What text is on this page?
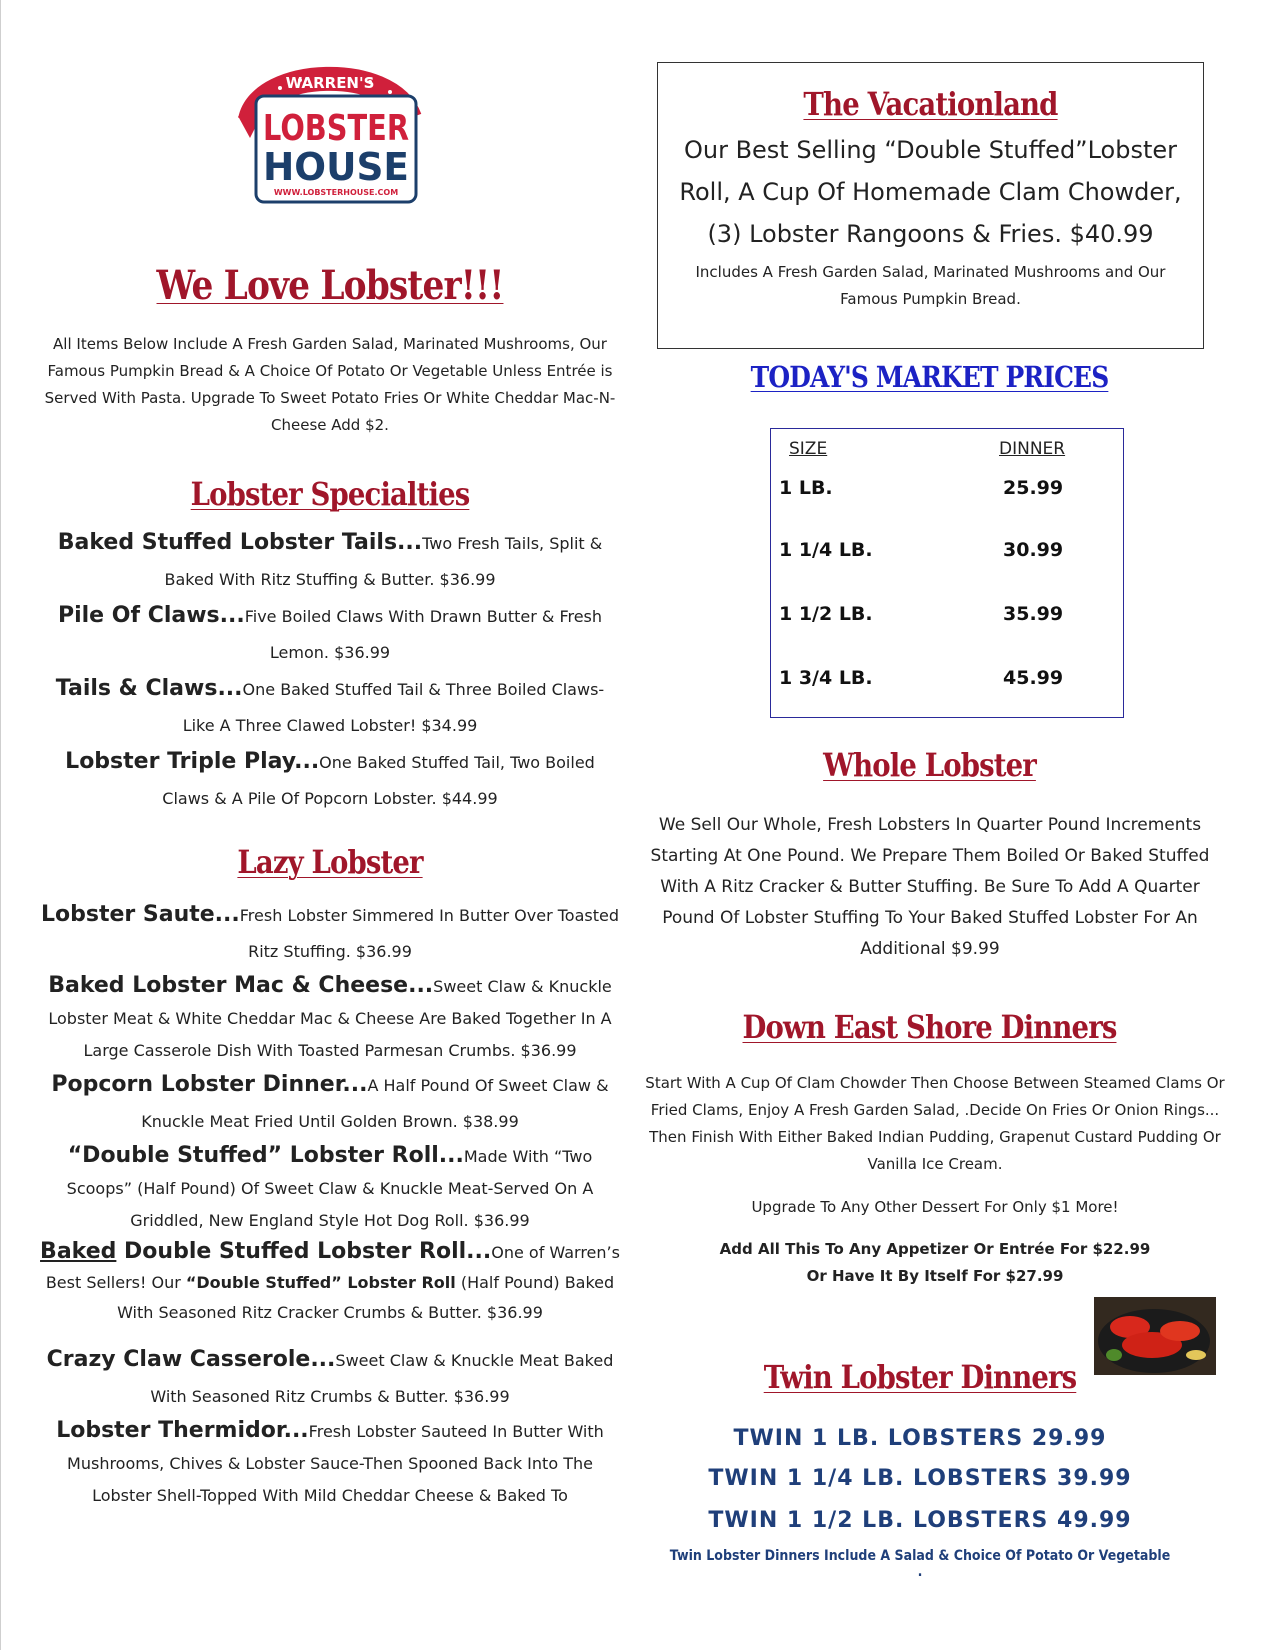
WARREN'S
LOBSTER
HOUSE
WWW.LOBSTERHOUSE.COM
We Love Lobster!!!
All Items Below Include A Fresh Garden Salad, Marinated Mushrooms, Our Famous Pumpkin Bread & A Choice Of Potato Or Vegetable Unless Entrée is Served With Pasta. Upgrade To Sweet Potato Fries Or White Cheddar Mac-N-Cheese Add $2.
Lobster Specialties
Baked Stuffed Lobster Tails...Two Fresh Tails, Split & Baked With Ritz Stuffing & Butter. $36.99
Pile Of Claws...Five Boiled Claws With Drawn Butter & Fresh Lemon. $36.99
Tails & Claws...One Baked Stuffed Tail & Three Boiled Claws-Like A Three Clawed Lobster! $34.99
Lobster Triple Play...One Baked Stuffed Tail, Two Boiled Claws & A Pile Of Popcorn Lobster. $44.99
Lazy Lobster
Lobster Saute...Fresh Lobster Simmered In Butter Over Toasted Ritz Stuffing. $36.99
Baked Lobster Mac & Cheese...Sweet Claw & Knuckle Lobster Meat & White Cheddar Mac & Cheese Are Baked Together In A Large Casserole Dish With Toasted Parmesan Crumbs. $36.99
Popcorn Lobster Dinner...A Half Pound Of Sweet Claw & Knuckle Meat Fried Until Golden Brown. $38.99
“Double Stuffed” Lobster Roll...Made With “Two Scoops” (Half Pound) Of Sweet Claw & Knuckle Meat-Served On A Griddled, New England Style Hot Dog Roll. $36.99
Baked Double Stuffed Lobster Roll...One of Warren’s Best Sellers! Our “Double Stuffed” Lobster Roll (Half Pound) Baked With Seasoned Ritz Cracker Crumbs & Butter. $36.99
Crazy Claw Casserole...Sweet Claw & Knuckle Meat Baked With Seasoned Ritz Crumbs & Butter. $36.99
Lobster Thermidor...Fresh Lobster Sauteed In Butter With Mushrooms, Chives & Lobster Sauce-Then Spooned Back Into The Lobster Shell-Topped With Mild Cheddar Cheese & Baked To
The Vacationland
Our Best Selling “Double Stuffed”Lobster Roll, A Cup Of Homemade Clam Chowder, (3) Lobster Rangoons & Fries. $40.99
Includes A Fresh Garden Salad, Marinated Mushrooms and Our Famous Pumpkin Bread.
TODAY'S MARKET PRICES
SIZE	DINNER
1 LB.	25.99
1 1/4 LB.	30.99
1 1/2 LB.	35.99
1 3/4 LB.	45.99
Whole Lobster
We Sell Our Whole, Fresh Lobsters In Quarter Pound Increments Starting At One Pound. We Prepare Them Boiled Or Baked Stuffed With A Ritz Cracker & Butter Stuffing. Be Sure To Add A Quarter Pound Of Lobster Stuffing To Your Baked Stuffed Lobster For An Additional $9.99
Down East Shore Dinners
Start With A Cup Of Clam Chowder Then Choose Between Steamed Clams Or Fried Clams, Enjoy A Fresh Garden Salad, .Decide On Fries Or Onion Rings... Then Finish With Either Baked Indian Pudding, Grapenut Custard Pudding Or Vanilla Ice Cream.
Upgrade To Any Other Dessert For Only $1 More!
Add All This To Any Appetizer Or Entrée For $22.99
Or Have It By Itself For $27.99
Twin Lobster Dinners
TWIN 1 LB. LOBSTERS 29.99
TWIN 1 1/4 LB. LOBSTERS 39.99
TWIN 1 1/2 LB. LOBSTERS 49.99
Twin Lobster Dinners Include A Salad & Choice Of Potato Or Vegetable .
